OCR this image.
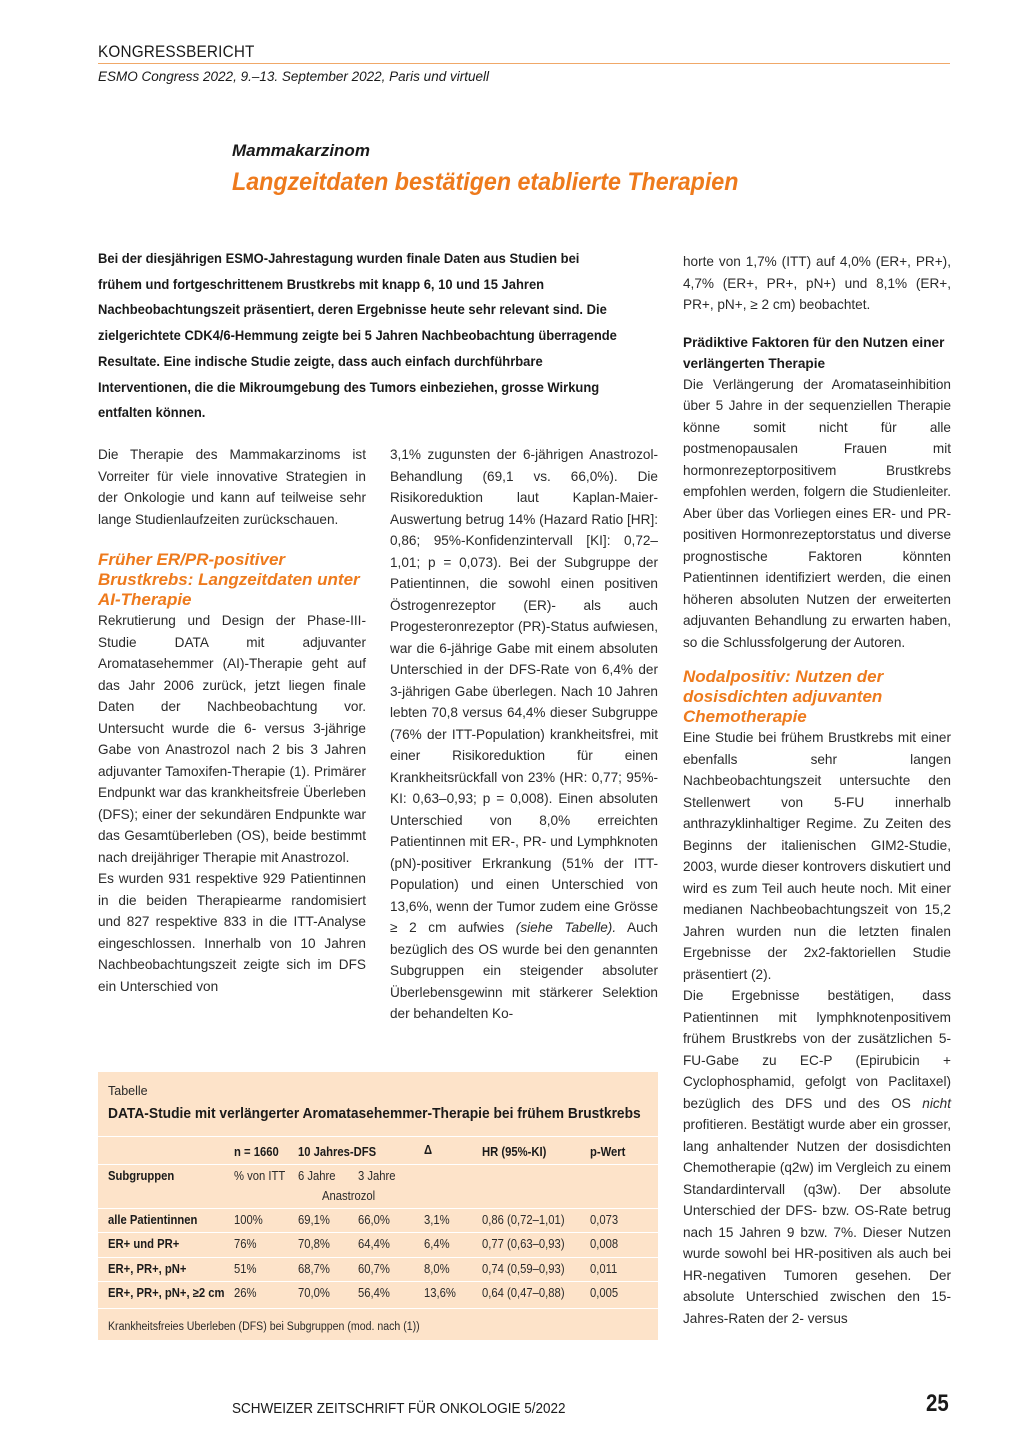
KONGRESSBERICHT
ESMO Congress 2022, 9.–13. September 2022, Paris und virtuell
Mammakarzinom
Langzeitdaten bestätigen etablierte Therapien

Bei der diesjährigen ESMO-Jahrestagung wurden finale Daten aus Studien bei frühem und fortgeschrittenem Brustkrebs mit knapp 6, 10 und 15 Jahren Nachbeobachtungszeit präsentiert, deren Ergebnisse heute sehr relevant sind. Die zielgerichtete CDK4/6-Hemmung zeigte bei 5 Jahren Nachbeobachtung überragende Resultate. Eine indische Studie zeigte, dass auch einfach durchführbare Interventionen, die die Mikroumgebung des Tumors einbeziehen, grosse Wirkung entfalten können.

Die Therapie des Mammakarzinoms ist Vorreiter für viele innovative Strategien in der Onkologie und kann auf teilweise sehr lange Studienlaufzeiten zurückschauen.

Früher ER/PR-positiver Brustkrebs: Langzeitdaten unter AI-Therapie

Rekrutierung und Design der Phase-III-Studie DATA mit adjuvanter Aromatasehemmer (AI)-Therapie geht auf das Jahr 2006 zurück, jetzt liegen finale Daten der Nachbeobachtung vor. Untersucht wurde die 6- versus 3-jährige Gabe von Anastrozol nach 2 bis 3 Jahren adjuvanter Tamoxifen-Therapie (1). Primärer Endpunkt war das krankheitsfreie Überleben (DFS); einer der sekundären Endpunkte war das Gesamtüberleben (OS), beide bestimmt nach dreijähriger Therapie mit Anastrozol.

Es wurden 931 respektive 929 Patientinnen in die beiden Therapiearme randomisiert und 827 respektive 833 in die ITT-Analyse eingeschlossen. Innerhalb von 10 Jahren Nachbeobachtungszeit zeigte sich im DFS ein Unterschied von

3,1% zugunsten der 6-jährigen Anastrozol-Behandlung (69,1 vs. 66,0%). Die Risikoreduktion laut Kaplan-Maier-Auswertung betrug 14% (Hazard Ratio [HR]: 0,86; 95%-Konfidenzintervall [KI]: 0,72–1,01; p = 0,073). Bei der Subgruppe der Patientinnen, die sowohl einen positiven Östrogenrezeptor (ER)- als auch Progesteronrezeptor (PR)-Status aufwiesen, war die 6-jährige Gabe mit einem absoluten Unterschied in der DFS-Rate von 6,4% der 3-jährigen Gabe überlegen. Nach 10 Jahren lebten 70,8 versus 64,4% dieser Subgruppe (76% der ITT-Population) krankheitsfrei, mit einer Risikoreduktion für einen Krankheitsrückfall von 23% (HR: 0,77; 95%-KI: 0,63–0,93; p = 0,008). Einen absoluten Unterschied von 8,0% erreichten Patientinnen mit ER-, PR- und Lymphknoten (pN)-positiver Erkrankung (51% der ITT-Population) und einen Unterschied von 13,6%, wenn der Tumor zudem eine Grösse ≥ 2 cm aufwies (siehe Tabelle). Auch bezüglich des OS wurde bei den genannten Subgruppen ein steigender absoluter Überlebensgewinn mit stärkerer Selektion der behandelten Ko-

horte von 1,7% (ITT) auf 4,0% (ER+, PR+), 4,7% (ER+, PR+, pN+) und 8,1% (ER+, PR+, pN+, ≥ 2 cm) beobachtet.

Prädiktive Faktoren für den Nutzen einer verlängerten Therapie

Die Verlängerung der Aromataseinhibition über 5 Jahre in der sequenziellen Therapie könne somit nicht für alle postmenopausalen Frauen mit hormonrezeptorpositivem Brustkrebs empfohlen werden, folgern die Studienleiter. Aber über das Vorliegen eines ER- und PR-positiven Hormonrezeptorstatus und diverse prognostische Faktoren könnten Patientinnen identifiziert werden, die einen höheren absoluten Nutzen der erweiterten adjuvanten Behandlung zu erwarten haben, so die Schlussfolgerung der Autoren.

Nodalpositiv: Nutzen der dosisdichten adjuvanten Chemotherapie

Eine Studie bei frühem Brustkrebs mit einer ebenfalls sehr langen Nachbeobachtungszeit untersuchte den Stellenwert von 5-FU innerhalb anthrazyklinhaltiger Regime. Zu Zeiten des Beginns der italienischen GIM2-Studie, 2003, wurde dieser kontrovers diskutiert und wird es zum Teil auch heute noch. Mit einer medianen Nachbeobachtungszeit von 15,2 Jahren wurden nun die letzten finalen Ergebnisse der 2x2-faktoriellen Studie präsentiert (2).

Die Ergebnisse bestätigen, dass Patientinnen mit lymphknotenpositivem frühem Brustkrebs von der zusätzlichen 5-FU-Gabe zu EC-P (Epirubicin + Cyclophosphamid, gefolgt von Paclitaxel) bezüglich des DFS und des OS nicht profitieren. Bestätigt wurde aber ein grosser, lang anhaltender Nutzen der dosisdichten Chemotherapie (q2w) im Vergleich zu einem Standardintervall (q3w). Der absolute Unterschied der DFS- bzw. OS-Rate betrug nach 15 Jahren 9 bzw. 7%. Dieser Nutzen wurde sowohl bei HR-positiven als auch bei HR-negativen Tumoren gesehen. Der absolute Unterschied zwischen den 15-Jahres-Raten der 2- versus

Tabelle
DATA-Studie mit verlängerter Aromatasehemmer-Therapie bei frühem Brustkrebs
n = 1660 10 Jahres-DFS	Δ	HR (95%-KI)	p-Wert
Subgruppen	% von ITT 6 Jahre 3 Jahre
Anastrozol
alle Patientinnen	100%	69,1% 66,0%	3,1%	0,86 (0,72–1,01) 0,073
ER+ und PR+	76%	70,8% 64,4%	6,4%	0,77 (0,63–0,93) 0,008
ER+, PR+, pN+	51%	68,7% 60,7%	8,0%	0,74 (0,59–0,93) 0,011
ER+, PR+, pN+, ≥2 cm 26%	70,0% 56,4%	13,6% 0,64 (0,47–0,88) 0,005
Krankheitsfreies Überleben (DFS) bei Subgruppen (mod. nach (1))
SCHWEIZER ZEITSCHRIFT FÜR ONKOLOGIE 5/2022	25
